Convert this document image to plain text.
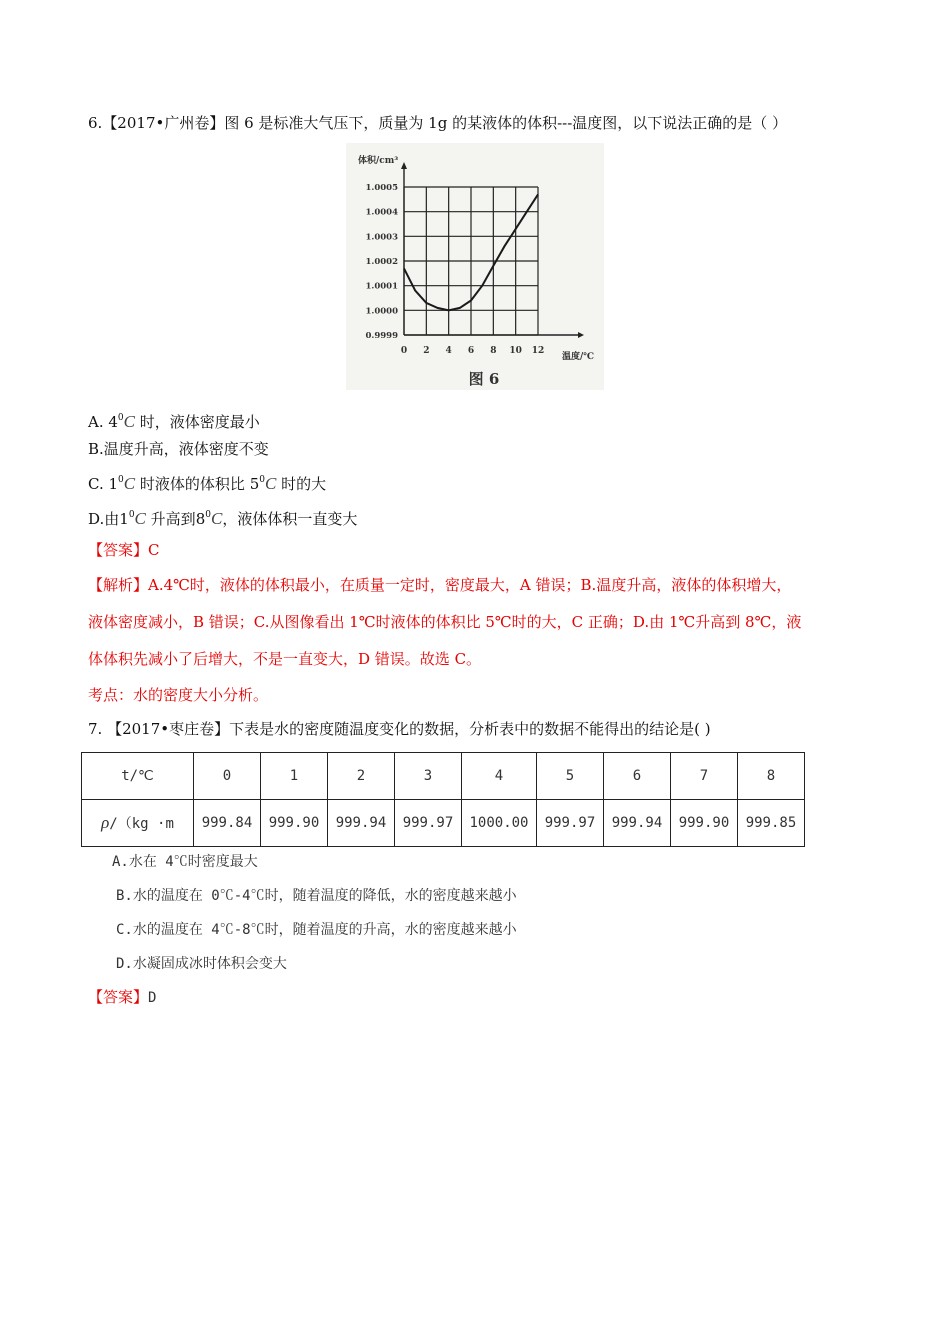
6.【2017•广州卷】图 6 是标准大气压下，质量为 1g 的某液体的体积---温度图，以下说法正确的是（ ）
1.0005
1.0004
1.0003
1.0002
1.0001
1.0000
0.9999
0 2 4 6 8 10 12
体积/cm³
温度/℃
图 6
A. $4^0C$ 时，液体密度最小
B.温度升高，液体密度不变
C. $1^0C$ 时液体的体积比 $5^0C$ 时的大
D.由$1^0C$ 升高到$8^0C$，液体体积一直变大
【答案】C
【解析】A.4℃时，液体的体积最小，在质量一定时，密度最大，A 错误；B.温度升高，液体的体积增大，
液体密度减小，B 错误；C.从图像看出 1℃时液体的体积比 5℃时的大，C 正确；D.由 1℃升高到 8℃，液
体体积先减小了后增大，不是一直变大，D 错误。故选 C。
考点：水的密度大小分析。
7. 【2017•枣庄卷】下表是水的密度随温度变化的数据，分析表中的数据不能得出的结论是( )
t/℃	0	1	2	3	4	5	6	7	8
ρ/（kg ·m	999.84	999.90	999.94	999.97	1000.00	999.97	999.94	999.90	999.85
A.水在 4℃时密度最大
B.水的温度在 0℃-4℃时，随着温度的降低，水的密度越来越小
C.水的温度在 4℃-8℃时，随着温度的升高，水的密度越来越小
D.水凝固成冰时体积会变大
【答案】D
